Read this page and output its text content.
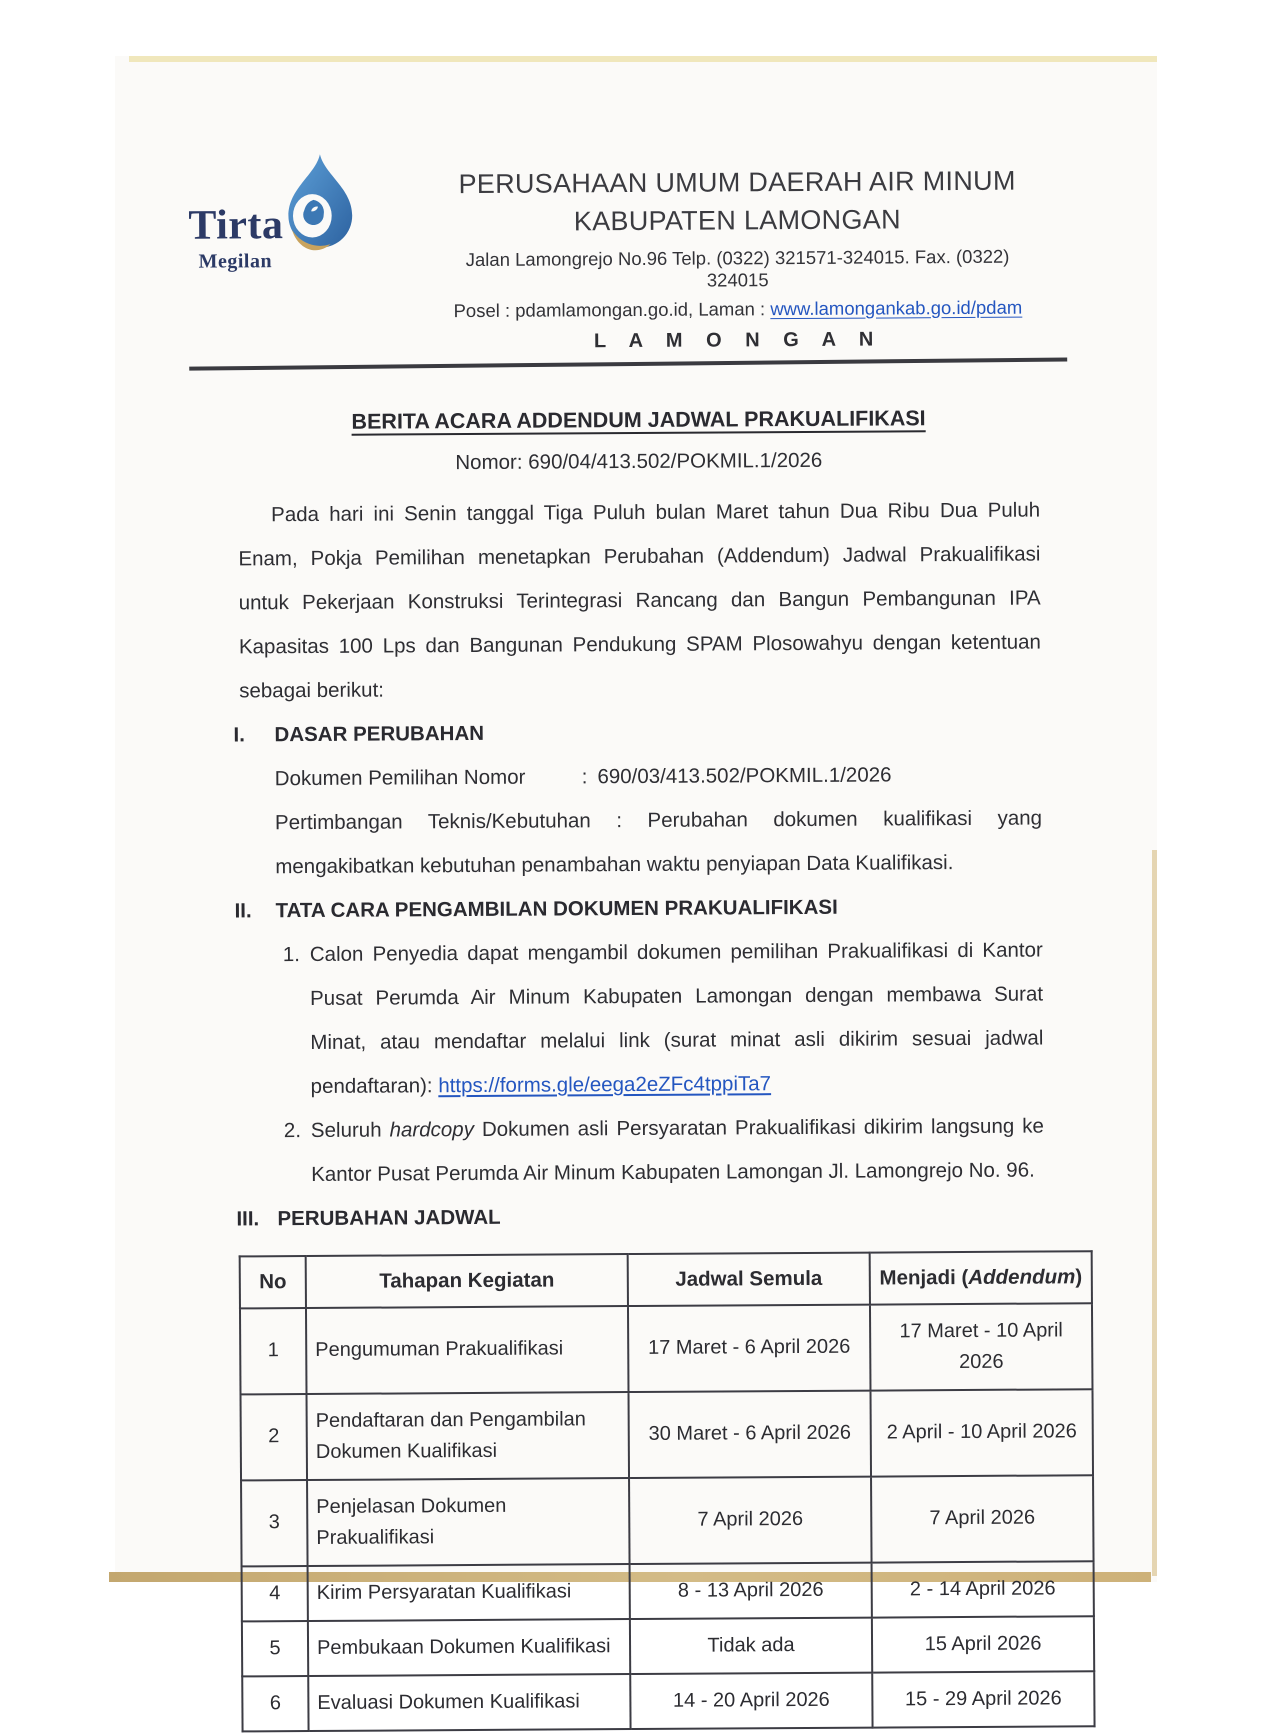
Tirta
Megilan
PERUSAHAAN UMUM DAERAH AIR MINUM
KABUPATEN LAMONGAN
Jalan Lamongrejo No.96 Telp. (0322) 321571-324015. Fax. (0322) 324015
Posel : pdamlamongan.go.id, Laman : www.lamongankab.go.id/pdam
L A M O N G A N
BERITA ACARA ADDENDUM JADWAL PRAKUALIFIKASI
Nomor: 690/04/413.502/POKMIL.1/2026

Pada hari ini Senin tanggal Tiga Puluh bulan Maret tahun Dua Ribu Dua Puluh Enam, Pokja Pemilihan menetapkan Perubahan (Addendum) Jadwal Prakualifikasi untuk Pekerjaan Konstruksi Terintegrasi Rancang dan Bangun Pembangunan IPA Kapasitas 100 Lps dan Bangunan Pendukung SPAM Plosowahyu dengan ketentuan sebagai berikut:

I.	DASAR PERUBAHAN
Dokumen Pemilihan Nomor	: 690/03/413.502/POKMIL.1/2026
Pertimbangan Teknis/Kebutuhan : Perubahan dokumen kualifikasi yang
mengakibatkan kebutuhan penambahan waktu penyiapan Data Kualifikasi.
II.	TATA CARA PENGAMBILAN DOKUMEN PRAKUALIFIKASI
1. Calon Penyedia dapat mengambil dokumen pemilihan Prakualifikasi di Kantor Pusat Perumda Air Minum Kabupaten Lamongan dengan membawa Surat Minat, atau mendaftar melalui link (surat minat asli dikirim sesuai jadwal pendaftaran): https://forms.gle/eega2eZFc4tppiTa7
2. Seluruh hardcopy Dokumen asli Persyaratan Prakualifikasi dikirim langsung ke Kantor Pusat Perumda Air Minum Kabupaten Lamongan Jl. Lamongrejo No. 96.
III. PERUBAHAN JADWAL
No	Tahapan Kegiatan	Jadwal Semula	Menjadi (Addendum)
1	Pengumuman Prakualifikasi	17 Maret - 6 April 2026	17 Maret - 10 April 2026
2	Pendaftaran dan Pengambilan Dokumen Kualifikasi	30 Maret - 6 April 2026	2 April - 10 April 2026
3	Penjelasan Dokumen Prakualifikasi	7 April 2026	7 April 2026
4	Kirim Persyaratan Kualifikasi	8 - 13 April 2026	2 - 14 April 2026
5	Pembukaan Dokumen Kualifikasi	Tidak ada	15 April 2026
6	Evaluasi Dokumen Kualifikasi	14 - 20 April 2026	15 - 29 April 2026
